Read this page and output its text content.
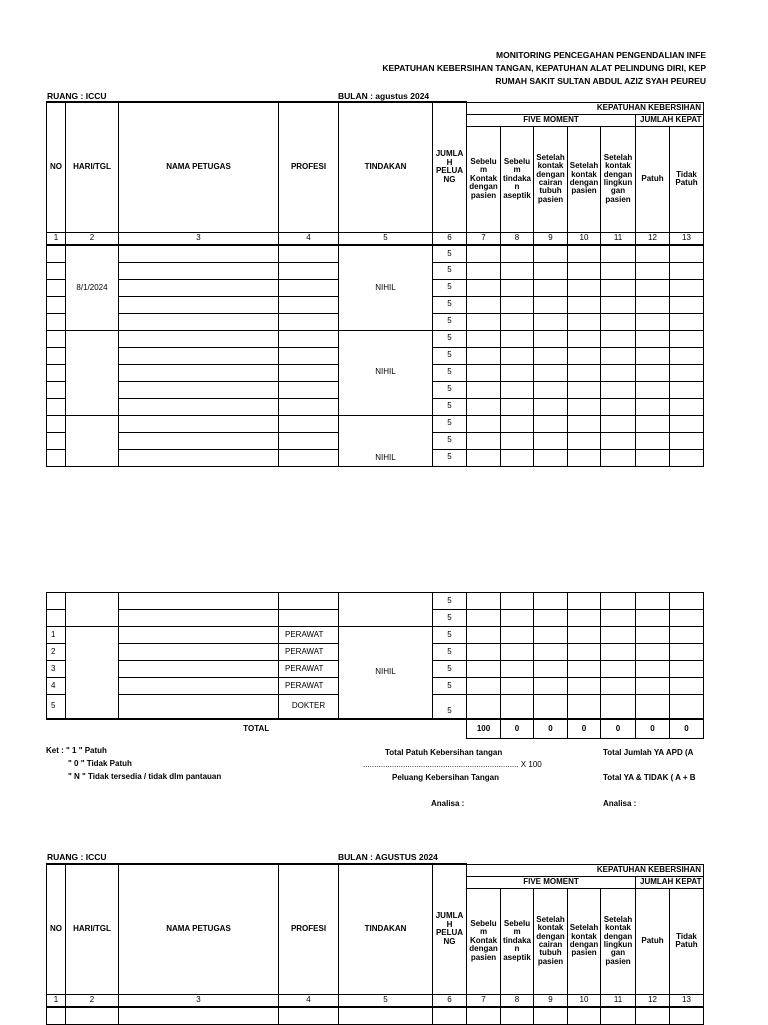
MONITORING PENCEGAHAN PENGENDALIAN INFE
KEPATUHAN KEBERSIHAN TANGAN, KEPATUHAN ALAT PELINDUNG DIRI, KEP
RUMAH SAKIT SULTAN ABDUL AZIZ SYAH PEUREU
RUANG : ICCU	BULAN : agustus 2024
NO	HARI/TGL	NAMA PETUGAS	PROFESI	TINDAKAN	JUMLA H PELUA NG	KEPATUHAN KEBERSIHAN						
						FIVE MOMENT					JUMLAH KEPAT	
						Sebelu m Kontak dengan pasien	Sebelu m tindaka n aseptik	Setelah kontak dengan cairan tubuh pasien	Setelah kontak dengan pasien	Setelah kontak dengan lingkun gan pasien	Patuh	Tidak Patuh
1	2	3	4	5	6	7	8	9	10	11	12	13
	8/1/2024			NIHIL	5							
					5							
					5							
					5							
					5							
				NIHIL	5							
					5							
					5							
					5							
					5							
				NIHIL	5							
					5							
					5							
					5							
					5							
1			PERAWAT	NIHIL	5							
2			PERAWAT		5							
3			PERAWAT		5							
4			PERAWAT		5							
5			DOKTER		5							
TOTAL						100	0	0	0	0	0	0
Ket : " 1 " Patuh
" 0 " Tidak Patuh
" N " Tidak tersedia / tidak dlm pantauan
Total Patuh Kebersihan tangan
...................................................................... X 100
Peluang Kebersihan Tangan
Total Jumlah YA APD (A
Total YA & TIDAK ( A + B
Analisa :	Analisa :
RUANG : ICCU	BULAN : AGUSTUS 2024
NO	HARI/TGL	NAMA PETUGAS	PROFESI	TINDAKAN	JUMLA H PELUA NG	KEPATUHAN KEBERSIHAN						
						FIVE MOMENT					JUMLAH KEPAT	
						Sebelu m Kontak dengan pasien	Sebelu m tindaka n aseptik	Setelah kontak dengan cairan tubuh pasien	Setelah kontak dengan pasien	Setelah kontak dengan lingkun gan pasien	Patuh	Tidak Patuh
1	2	3	4	5	6	7	8	9	10	11	12	13
